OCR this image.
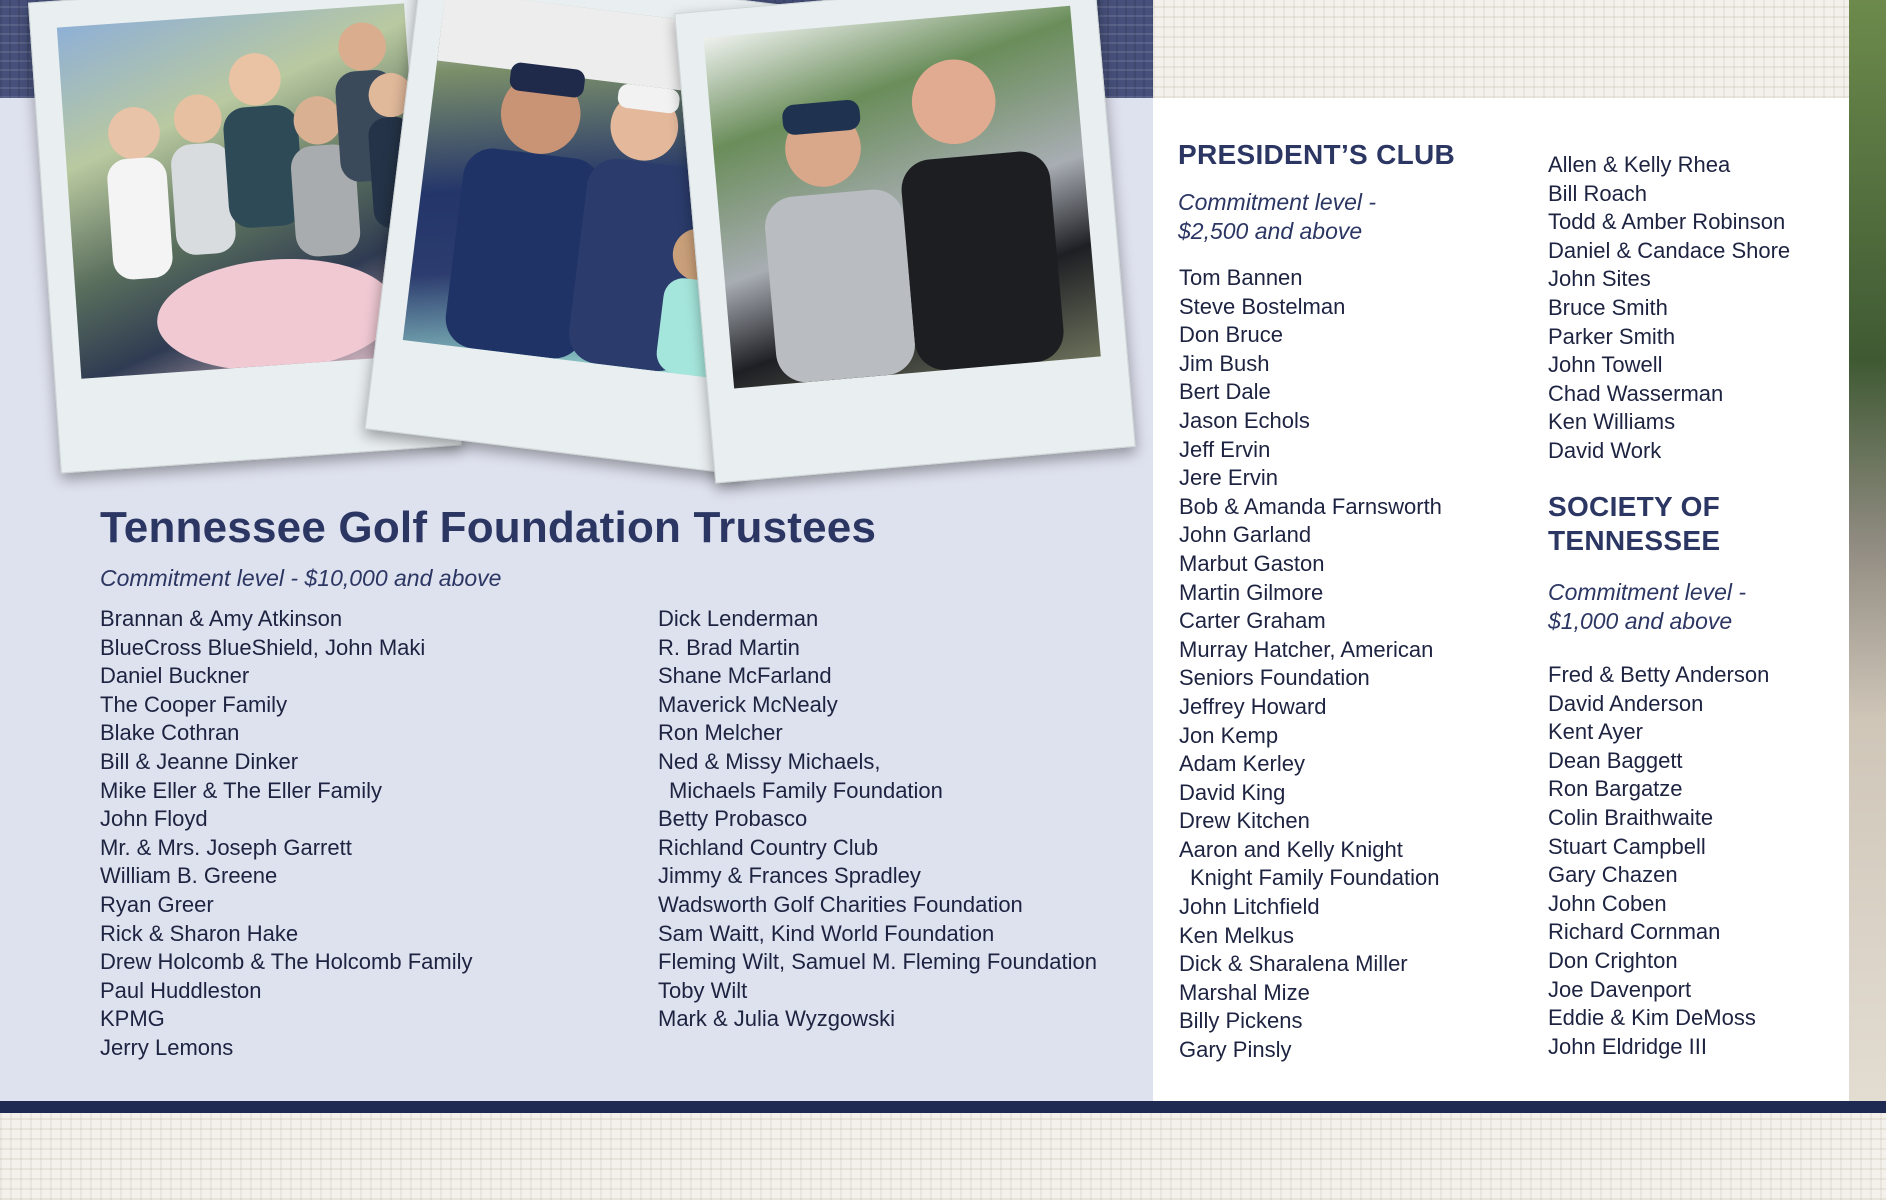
Tennessee Golf Foundation Trustees

Commitment level - $10,000 and above

Brannan & Amy Atkinson
BlueCross BlueShield, John Maki
Daniel Buckner
The Cooper Family
Blake Cothran
Bill & Jeanne Dinker
Mike Eller & The Eller Family
John Floyd
Mr. & Mrs. Joseph Garrett
William B. Greene
Ryan Greer
Rick & Sharon Hake
Drew Holcomb & The Holcomb Family
Paul Huddleston
KPMG
Jerry Lemons
Dick Lenderman
R. Brad Martin
Shane McFarland
Maverick McNealy
Ron Melcher
Ned & Missy Michaels,
Michaels Family Foundation
Betty Probasco
Richland Country Club
Jimmy & Frances Spradley
Wadsworth Golf Charities Foundation
Sam Waitt, Kind World Foundation
Fleming Wilt, Samuel M. Fleming Foundation
Toby Wilt
Mark & Julia Wyzgowski
PRESIDENT’S CLUB

Commitment level - $2,500 and above

Tom Bannen
Steve Bostelman
Don Bruce
Jim Bush
Bert Dale
Jason Echols
Jeff Ervin
Jere Ervin
Bob & Amanda Farnsworth
John Garland
Marbut Gaston
Martin Gilmore
Carter Graham
Murray Hatcher, American
Seniors Foundation
Jeffrey Howard
Jon Kemp
Adam Kerley
David King
Drew Kitchen
Aaron and Kelly Knight
Knight Family Foundation
John Litchfield
Ken Melkus
Dick & Sharalena Miller
Marshal Mize
Billy Pickens
Gary Pinsly
Allen & Kelly Rhea
Bill Roach
Todd & Amber Robinson
Daniel & Candace Shore
John Sites
Bruce Smith
Parker Smith
John Towell
Chad Wasserman
Ken Williams
David Work
SOCIETY OF TENNESSEE

Commitment level - $1,000 and above

Fred & Betty Anderson
David Anderson
Kent Ayer
Dean Baggett
Ron Bargatze
Colin Braithwaite
Stuart Campbell
Gary Chazen
John Coben
Richard Cornman
Don Crighton
Joe Davenport
Eddie & Kim DeMoss
John Eldridge III
